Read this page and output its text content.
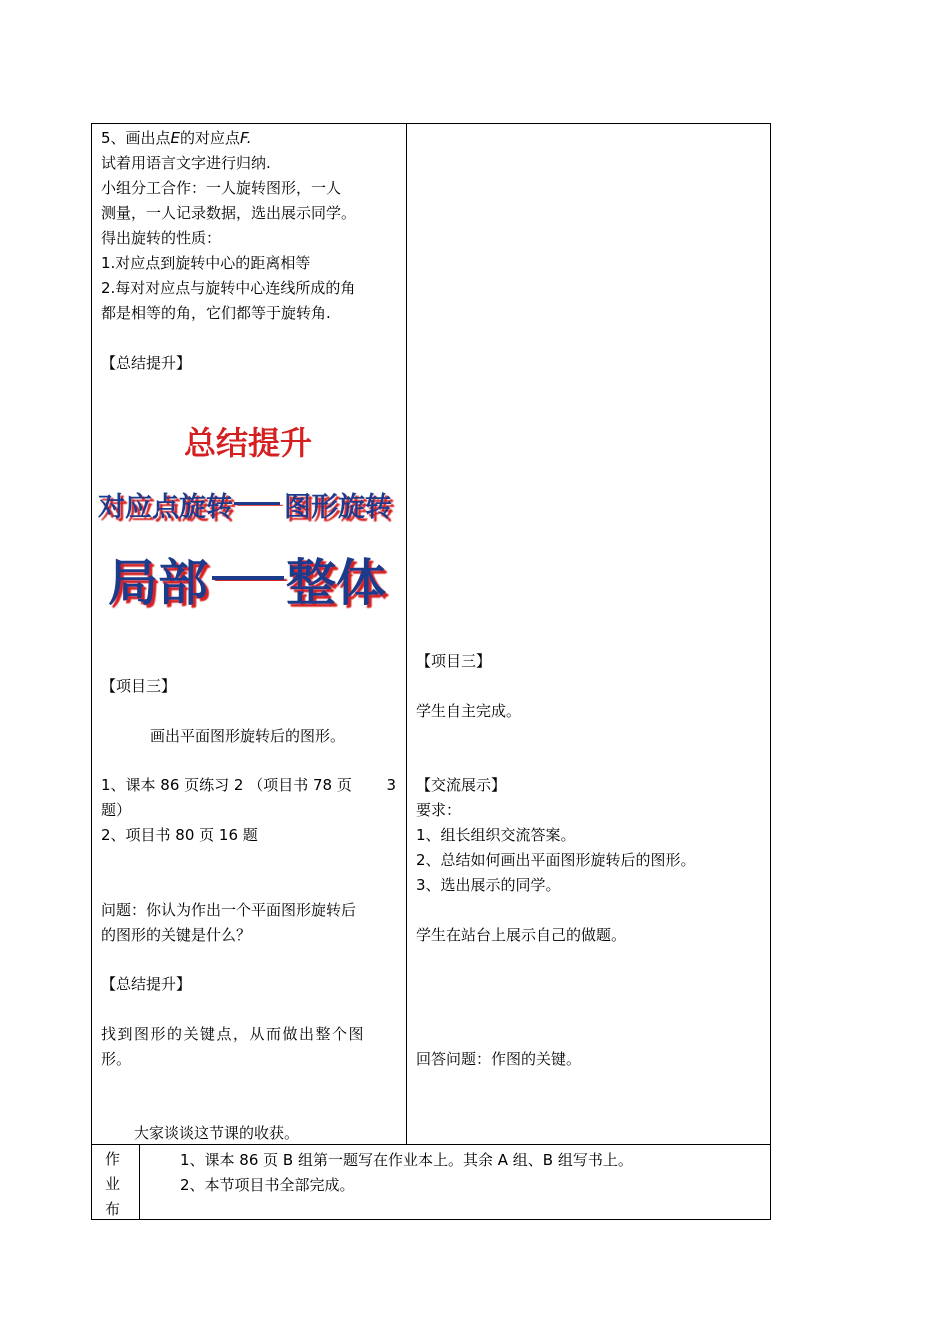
5、画出点E的对应点F.
试着用语言文字进行归纳.
小组分工合作：一人旋转图形，一人
测量，一人记录数据，选出展示同学。
得出旋转的性质：
1.对应点到旋转中心的距离相等
2.每对对应点与旋转中心连线所成的角
都是相等的角，它们都等于旋转角.
【总结提升】
总结提升
对应点旋转 图形旋转
局部 整体
【项目三】
画出平面图形旋转后的图形。
1、课本 86 页练习 2 （项目书 78 页 3
题）
2、项目书 80 页 16 题
问题：你认为作出一个平面图形旋转后
的图形的关键是什么？
【总结提升】
找到图形的关键点，从而做出整个图
形。
大家谈谈这节课的收获。
【项目三】
学生自主完成。
【交流展示】
要求：
1、组长组织交流答案。
2、总结如何画出平面图形旋转后的图形。
3、选出展示的同学。
学生在站台上展示自己的做题。
回答问题：作图的关键。
作
业
布
1、课本 86 页 B 组第一题写在作业本上。其余 A 组、B 组写书上。
2、本节项目书全部完成。
